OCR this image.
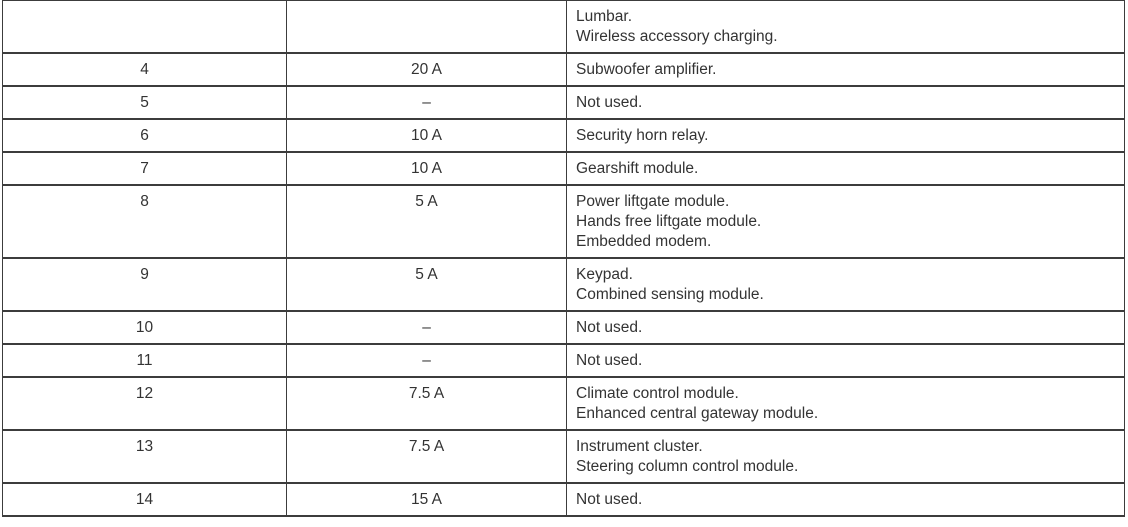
		Lumbar.
Wireless accessory charging.

4	20 A	Subwoofer amplifier.

5	–	Not used.

6	10 A	Security horn relay.

7	10 A	Gearshift module.

8	5 A	Power liftgate module.
Hands free liftgate module.
Embedded modem.

9	5 A	Keypad.
Combined sensing module.

10	–	Not used.

11	–	Not used.

12	7.5 A	Climate control module.
Enhanced central gateway module.

13	7.5 A	Instrument cluster.
Steering column control module.

14	15 A	Not used.
